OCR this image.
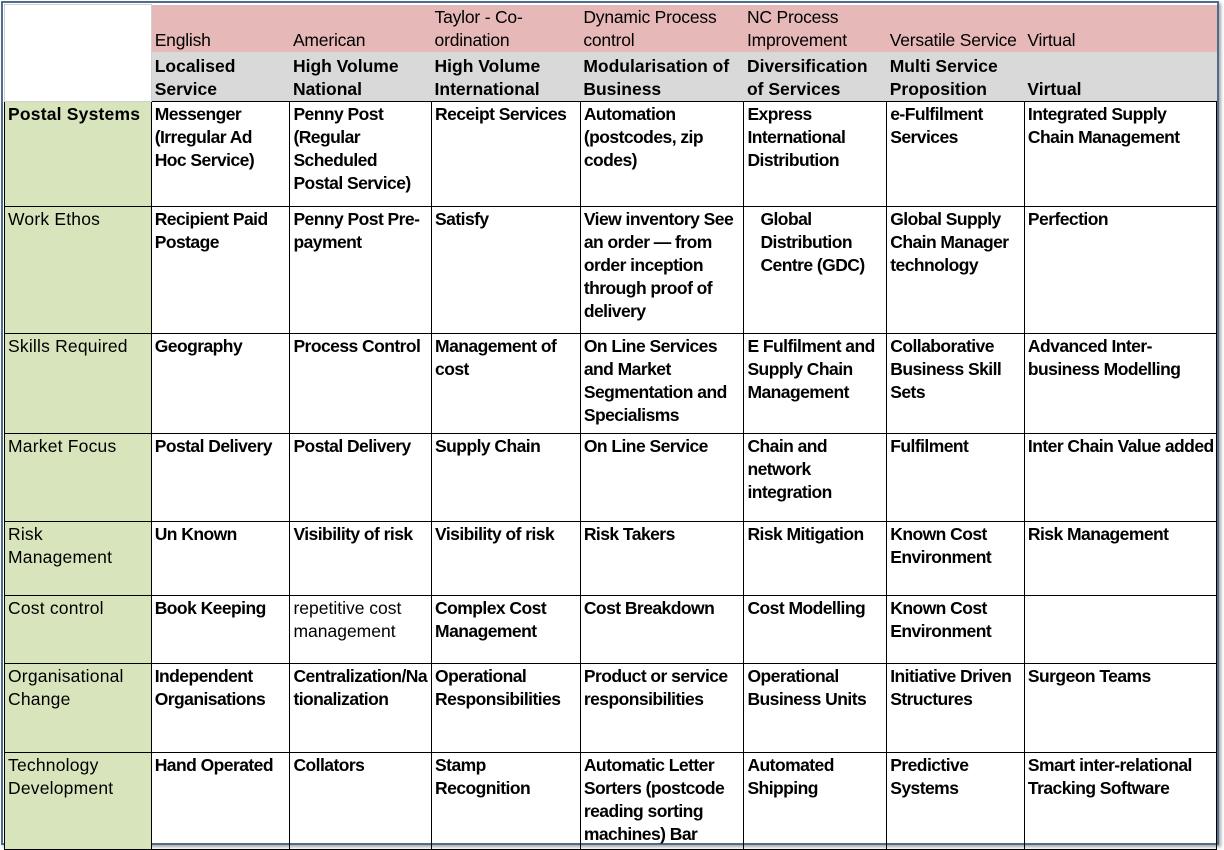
	English	American	Taylor - Co-ordination	Dynamic Process control	NC Process Improvement	Versatile Service	Virtual
	Localised Service	High Volume National	High Volume International	Modularisation of Business	Diversification of Services	Multi Service Proposition	Virtual
Postal Systems	Messenger (Irregular Ad Hoc Service)	Penny Post (Regular Scheduled Postal Service)	Receipt Services	Automation (postcodes, zip codes)	Express International Distribution	e-Fulfilment Services	Integrated Supply Chain Management
Work Ethos	Recipient Paid Postage	Penny Post Pre-payment	Satisfy	View inventory See an order — from order inception through proof of delivery	Global Distribution Centre (GDC)	Global Supply Chain Manager technology	Perfection
Skills Required	Geography	Process Control	Management of cost	On Line Services and Market Segmentation and Specialisms	E Fulfilment and Supply Chain Management	Collaborative Business Skill Sets	Advanced Inter-business Modelling
Market Focus	Postal Delivery	Postal Delivery	Supply Chain	On Line Service	Chain and network integration	Fulfilment	Inter Chain Value added
Risk Management	Un Known	Visibility of risk	Visibility of risk	Risk Takers	Risk Mitigation	Known Cost Environment	Risk Management
Cost control	Book Keeping	repetitive cost management	Complex Cost Management	Cost Breakdown	Cost Modelling	Known Cost Environment	
Organisational Change	Independent Organisations	Centralization/Nationalization	Operational Responsibilities	Product or service responsibilities	Operational Business Units	Initiative Driven Structures	Surgeon Teams
Technology Development	Hand Operated	Collators	Stamp Recognition	Automatic Letter Sorters (postcode reading sorting machines) Bar	Automated Shipping	Predictive Systems	Smart inter-relational Tracking Software
